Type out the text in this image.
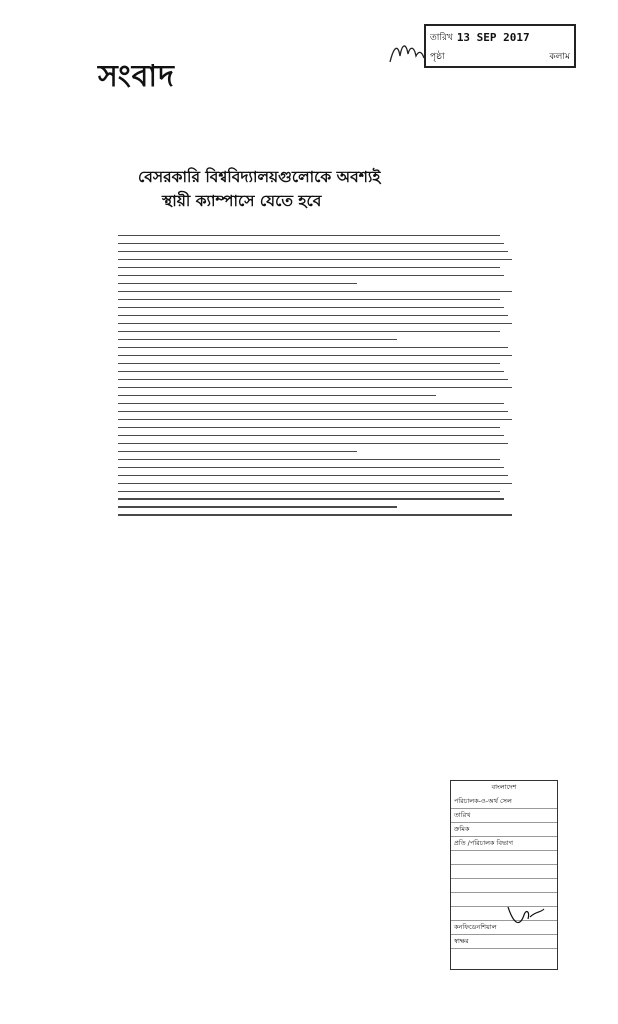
সংবাদ
তারিখ 13 SEP 2017
পৃষ্ঠা	কলাম
বেসরকারি বিশ্ববিদ্যালয়গুলোকে অবশ্যই
স্থায়ী ক্যাম্পাসে যেতে হবে
বাংলাদেশ
পরিচালক-ও-অর্থ সেল
তারিখ
ক্রমিক
প্রতি /পরিচালক বিভাগ
কনফিডেনশিয়াল
স্বাক্ষর
